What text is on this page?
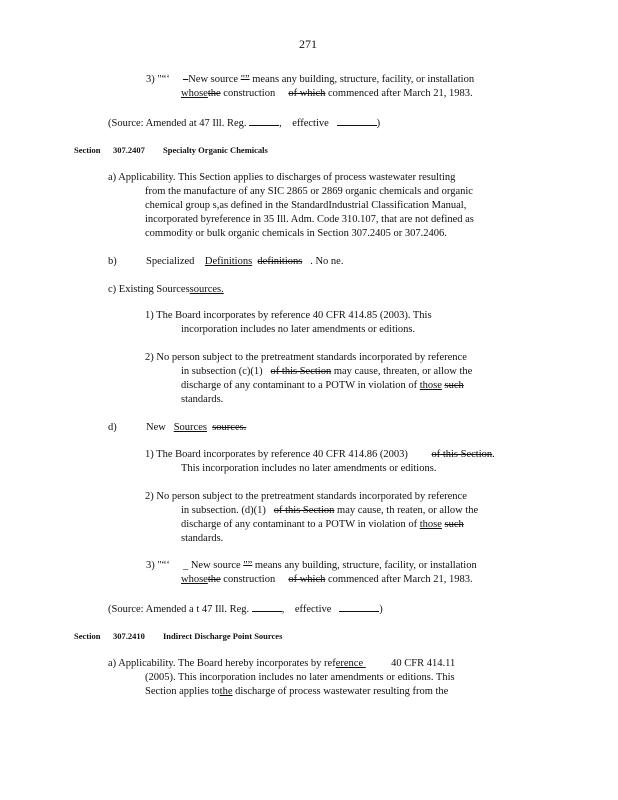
271
3) "“‘ –New source "” means any building, structure, facility, or installation
whosethe construction of which commenced after March 21, 1983.
(Source: Amended at 47 Ill. Reg.	, effective	)
Section 307.2407 Specialty Organic Chemicals
a) Applicability. This Section applies to discharges of process wastewater resulting
from the manufacture of any SIC 2865 or 2869 organic chemicals and organic
chemical group s,as defined in the StandardIndustrial Classification Manual,
incorporated byreference in 35 Ill. Adm. Code 310.107, that are not defined as
commodity or bulk organic chemicals in Section 307.2405 or 307.2406.
b)	Specialized Definitions definitions . No ne.
c) Existing Sourcessources.
1) The Board incorporates by reference 40 CFR 414.85 (2003). This
incorporation includes no later amendments or editions.
2) No person subject to the pretreatment standards incorporated by reference
in subsection (c)(1) of this Section may cause, threaten, or allow the
discharge of any contaminant to a POTW in violation of those such
standards.
d)	New Sources sources.
1) The Board incorporates by reference 40 CFR 414.86 (2003) of this Section.
This incorporation includes no later amendments or editions.
2) No person subject to the pretreatment standards incorporated by reference
in subsection. (d)(1) of this Section may cause, th reaten, or allow the
discharge of any contaminant to a POTW in violation of those such
standards.
3) "“‘ _ New source "” means any building, structure, facility, or installation
whosethe construction of which commenced after March 21, 1983.
(Source: Amended a t 47 Ill. Reg.	, effective	)
Section 307.2410 Indirect Discharge Point Sources
a) Applicability. The Board hereby incorporates by reference	40 CFR 414.11
(2005). This incorporation includes no later amendments or editions. This
Section applies tothe discharge of process wastewater resulting from the
